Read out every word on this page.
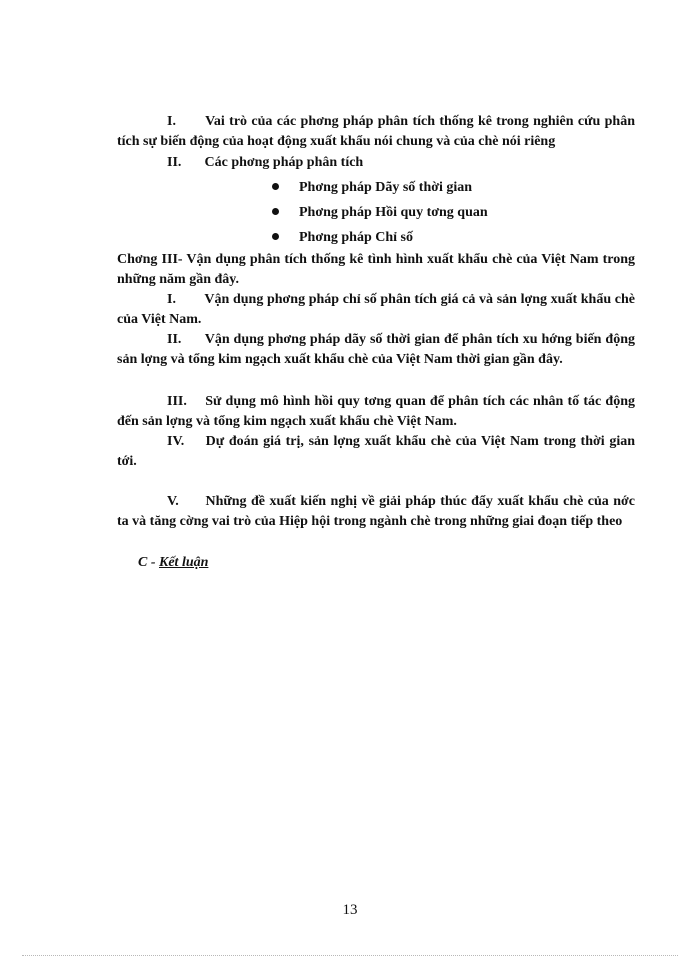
I. Vai trò của các phơng pháp phân tích thống kê trong nghiên cứu phân tích sự biến động của hoạt động xuất khẩu nói chung và của chè nói riêng
II. Các phơng pháp phân tích
Phơng pháp Dãy số thời gian
Phơng pháp Hồi quy tơng quan
Phơng pháp Chỉ số
Chơng III- Vận dụng phân tích thống kê tình hình xuất khẩu chè của Việt Nam trong những năm gần đây.
I. Vận dụng phơng pháp chỉ số phân tích giá cả và sản lợng xuất khẩu chè của Việt Nam.
II. Vận dụng phơng pháp dãy số thời gian để phân tích xu hớng biến động sản lợng và tổng kim ngạch xuất khẩu chè của Việt Nam thời gian gần đây.
III. Sử dụng mô hình hồi quy tơng quan để phân tích các nhân tố tác động đến sản lợng và tổng kim ngạch xuất khẩu chè Việt Nam.
IV. Dự đoán giá trị, sản lợng xuất khẩu chè của Việt Nam trong thời gian tới.
V. Những đề xuất kiến nghị về giải pháp thúc đẩy xuất khẩu chè của nớc ta và tăng cờng vai trò của Hiệp hội trong ngành chè trong những giai đoạn tiếp theo
C - Kết luận
13
